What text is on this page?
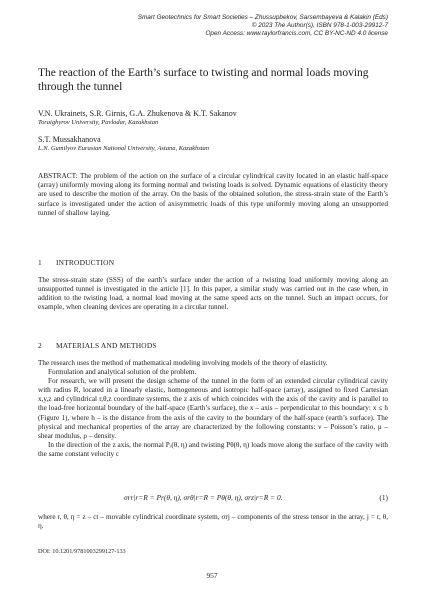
Smart Geotechnics for Smart Societies – Zhussupbekov, Sarsembayeva & Kalakin (Eds)
© 2023 The Author(s), ISBN 978-1-003-29912-7
Open Access: www.taylorfrancis.com, CC BY-NC-ND 4.0 license
The reaction of the Earth’s surface to twisting and normal loads moving through the tunnel
V.N. Ukrainets, S.R. Girnis, G.A. Zhukenova & K.T. Sakanov
Toraighyrov University, Pavlodar, Kazakhstan
S.T. Mussakhanova
L.N. Gumilyov Eurasian National University, Astana, Kazakhstan

ABSTRACT: The problem of the action on the surface of a circular cylindrical cavity located in an elastic half-space (array) uniformly moving along its forming normal and twisting loads is solved. Dynamic equations of elasticity theory are used to describe the motion of the array. On the basis of the obtained solution, the stress-strain state of the Earth’s surface is investigated under the action of axisymmetric loads of this type uniformly moving along an unsupported tunnel of shallow laying.

1 INTRODUCTION

The stress-strain state (SSS) of the earth’s surface under the action of a twisting load uniformly moving along an unsupported tunnel is investigated in the article [1]. In this paper, a similar study was carried out in the case when, in addition to the twisting load, a normal load moving at the same speed acts on the tunnel. Such an impact occurs, for example, when cleaning devices are operating in a circular tunnel.

2 MATERIALS AND METHODS

The research uses the method of mathematical modeling involving models of the theory of elasticity.

Formulation and analytical solution of the problem.

For research, we will present the design scheme of the tunnel in the form of an extended circular cylindrical cavity with radius R, located in a linearly elastic, homogeneous and isotropic half-space (array), assigned to fixed Cartesian x,y,z and cylindrical r,θ,z coordinate systems, the z axis of which coincides with the axis of the cavity and is parallel to the load-free horizontal boundary of the half-space (Earth’s surface), the x – axis – perpendicular to this boundary: x ≤ h (Figure 1), where h – is the distance from the axis of the cavity to the boundary of the half-space (earth’s surface). The physical and mechanical properties of the array are characterized by the following constants: ν – Poisson’s ratio, μ – shear modulus, ρ – density.

In the direction of the z axis, the normal Pᵣ(θ, η) and twisting Pθ(θ, η) loads move along the surface of the cavity with the same constant velocity c

σrr|r=R = Pr(θ, η), σrθ|r=R = Pθ(θ, η), σrz|r=R = 0.	(1)

where r, θ, η = z – ct – movable cylindrical coordinate system, σrj – components of the stress tensor in the array, j = r, θ, η.

DOI: 10.1201/9781003299127-133
957
